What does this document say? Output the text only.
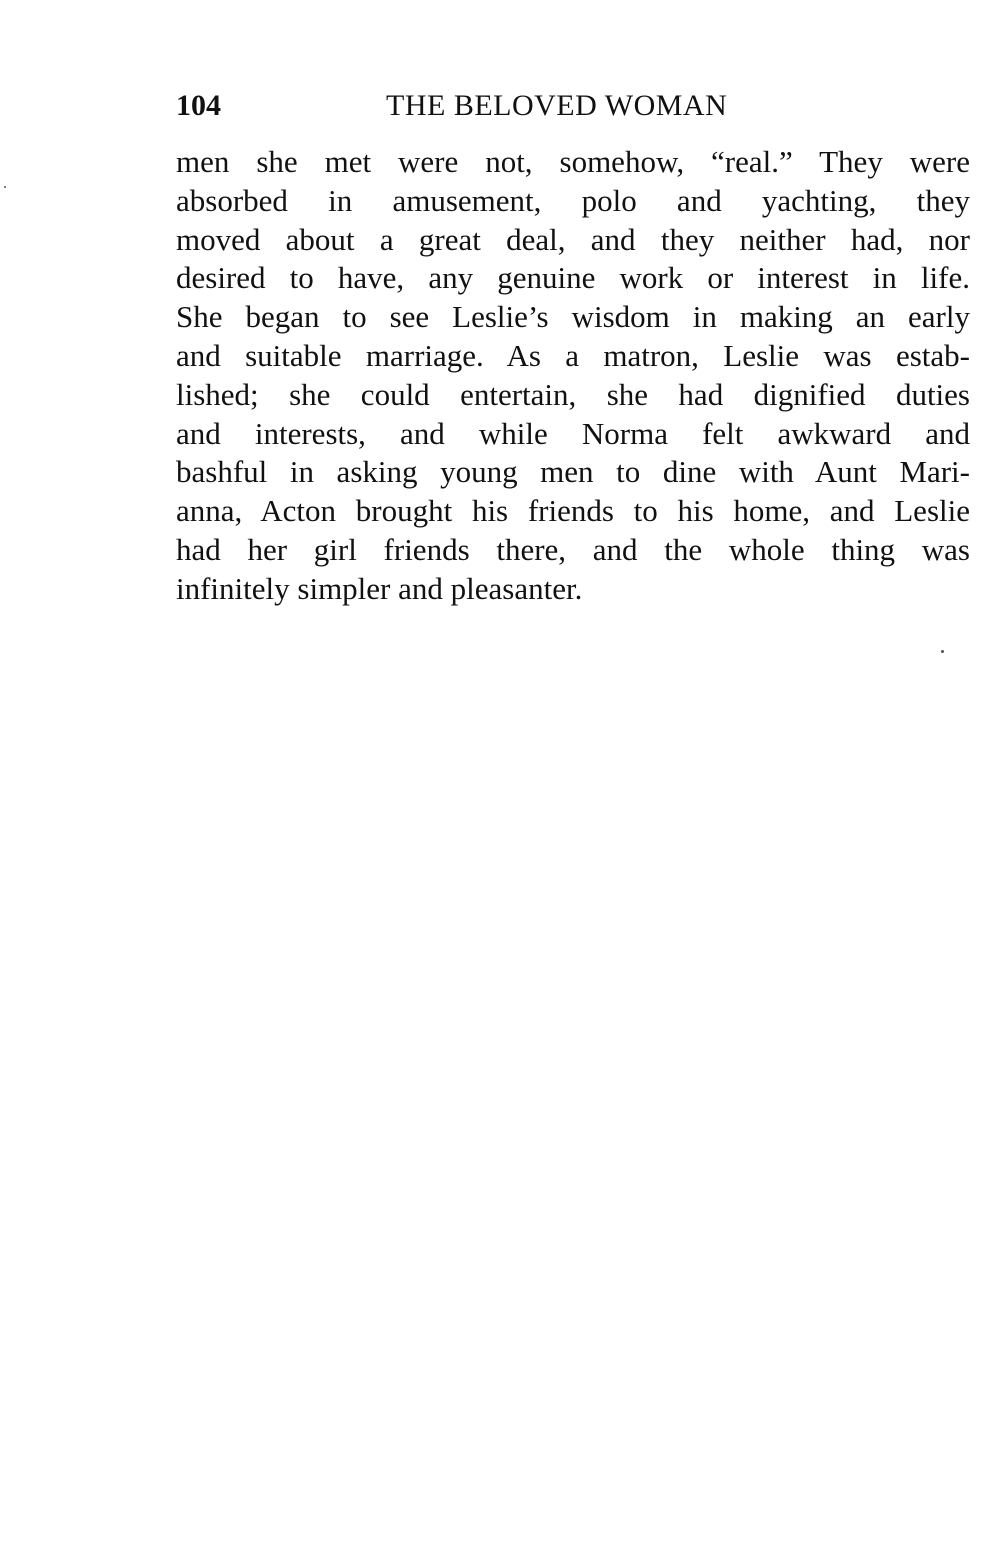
104	THE BELOVED WOMAN
men she met were not, somehow, “real.” They were
absorbed in amusement, polo and yachting, they
moved about a great deal, and they neither had, nor
desired to have, any genuine work or interest in life.
She began to see Leslie’s wisdom in making an early
and suitable marriage. As a matron, Leslie was estab-
lished; she could entertain, she had dignified duties
and interests, and while Norma felt awkward and
bashful in asking young men to dine with Aunt Mari-
anna, Acton brought his friends to his home, and Leslie
had her girl friends there, and the whole thing was
infinitely simpler and pleasanter.
